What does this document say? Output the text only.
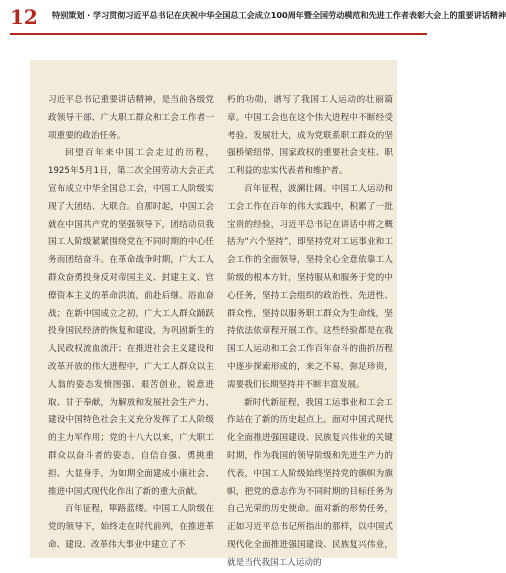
12 特别策划 · 学习贯彻习近平总书记在庆祝中华全国总工会成立100周年暨全国劳动模范和先进工作者表彰大会上的重要讲话精神

习近平总书记重要讲话精神，是当前各级党政领导干部、广大职工群众和工会工作者一项重要的政治任务。

回望百年来中国工会走过的历程，1925年5月1日，第二次全国劳动大会正式宣布成立中华全国总工会，中国工人阶级实现了大团结、大联合。自那时起，中国工会就在中国共产党的坚强领导下，团结动员我国工人阶级紧紧围绕党在不同时期的中心任务而团结奋斗。在革命战争时期，广大工人群众奋勇投身反对帝国主义、封建主义、官僚资本主义的革命洪流，前赴后继、浴血奋战；在新中国成立之初，广大工人群众踊跃投身国民经济的恢复和建设，为巩固新生的人民政权流血流汗；在推进社会主义建设和改革开放的伟大进程中，广大工人群众以主人翁的姿态发愤图强、艰苦创业，锐意进取、甘于奉献，为解放和发展社会生产力、建设中国特色社会主义充分发挥了工人阶级的主力军作用；党的十八大以来，广大职工群众以奋斗者的姿态，自信自强、勇挑重担、大显身手，为如期全面建成小康社会、推进中国式现代化作出了新的重大贡献。

百年征程，筚路蓝缕。中国工人阶级在党的领导下，始终走在时代前列，在推进革命、建设、改革伟大事业中建立了不

朽的功勋，谱写了我国工人运动的壮丽篇章。中国工会也在这个伟大进程中不断经受考验、发展壮大，成为党联系职工群众的坚强桥梁纽带、国家政权的重要社会支柱、职工利益的忠实代表者和维护者。

百年征程，波澜壮阔。中国工人运动和工会工作在百年的伟大实践中，积累了一批宝贵的经验，习近平总书记在讲话中将之概括为“六个坚持”，即坚持党对工运事业和工会工作的全面领导，坚持全心全意依靠工人阶级的根本方针，坚持服从和服务于党的中心任务，坚持工会组织的政治性、先进性、群众性，坚持以服务职工群众为生命线，坚持依法依章程开展工作。这些经验都是在我国工人运动和工会工作百年奋斗的曲折历程中逐步探索形成的，来之不易，弥足珍贵，需要我们长期坚持并不断丰富发展。

新时代新征程，我国工运事业和工会工作站在了新的历史起点上。面对中国式现代化全面推进强国建设、民族复兴伟业的关键时期，作为我国的领导阶级和先进生产力的代表，中国工人阶级始终坚持党的旗帜为旗帜，把党的意志作为不同时期的目标任务为自己光荣的历史使命。面对新的形势任务，正如习近平总书记所指出的那样，以中国式现代化全面推进强国建设、民族复兴伟业，就是当代我国工人运动的
